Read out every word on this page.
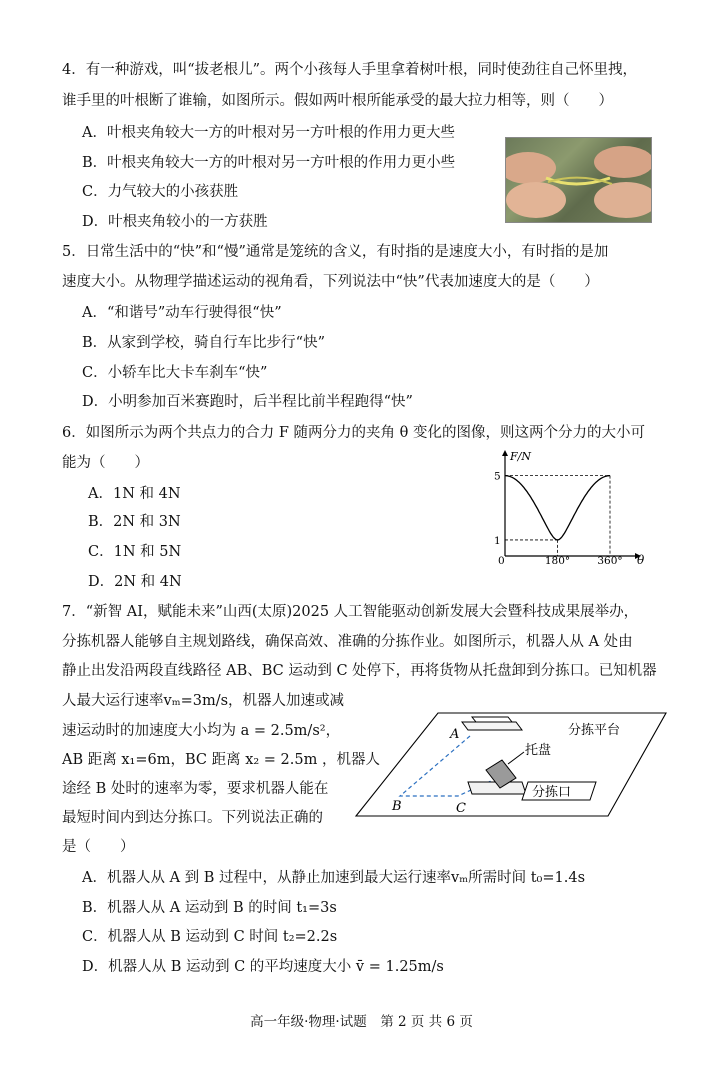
4．有一种游戏，叫“拔老根儿”。两个小孩每人手里拿着树叶根，同时使劲往自己怀里拽，
谁手里的叶根断了谁输，如图所示。假如两叶根所能承受的最大拉力相等，则（　　）
A．叶根夹角较大一方的叶根对另一方叶根的作用力更大些
B．叶根夹角较大一方的叶根对另一方叶根的作用力更小些
C．力气较大的小孩获胜
D．叶根夹角较小的一方获胜
5．日常生活中的“快”和“慢”通常是笼统的含义，有时指的是速度大小，有时指的是加
速度大小。从物理学描述运动的视角看，下列说法中“快”代表加速度大的是（　　）
A．“和谐号”动车行驶得很“快”
B．从家到学校，骑自行车比步行“快”
C．小轿车比大卡车刹车“快”
D．小明参加百米赛跑时，后半程比前半程跑得“快”
6．如图所示为两个共点力的合力 F 随两分力的夹角 θ 变化的图像，则这两个分力的大小可
能为（　　）
A．1N 和 4N
B．2N 和 3N
C．1N 和 5N
D．2N 和 4N
F/N
θ
0	180°	360°
1
5
7．“新智 AI，赋能未来”山西(太原)2025 人工智能驱动创新发展大会暨科技成果展举办，
分拣机器人能够自主规划路线，确保高效、准确的分拣作业。如图所示，机器人从 A 处由
静止出发沿两段直线路径 AB、BC 运动到 C 处停下，再将货物从托盘卸到分拣口。已知机器
人最大运行速率vₘ=3m/s，机器人加速或减
速运动时的加速度大小均为 a = 2.5m/s²，
AB 距离 x₁=6m，BC 距离 x₂ = 2.5m ，机器人
途经 B 处时的速率为零，要求机器人能在
最短时间内到达分拣口。下列说法正确的
是（　　）
分拣平台
托盘
分拣口
A
B	C
A．机器人从 A 到 B 过程中，从静止加速到最大运行速率vₘ所需时间 t₀=1.4s
B．机器人从 A 运动到 B 的时间 t₁=3s
C．机器人从 B 运动到 C 时间 t₂=2.2s
D．机器人从 B 运动到 C 的平均速度大小 v̄ = 1.25m/s
高一年级·物理·试题　第 2 页 共 6 页
